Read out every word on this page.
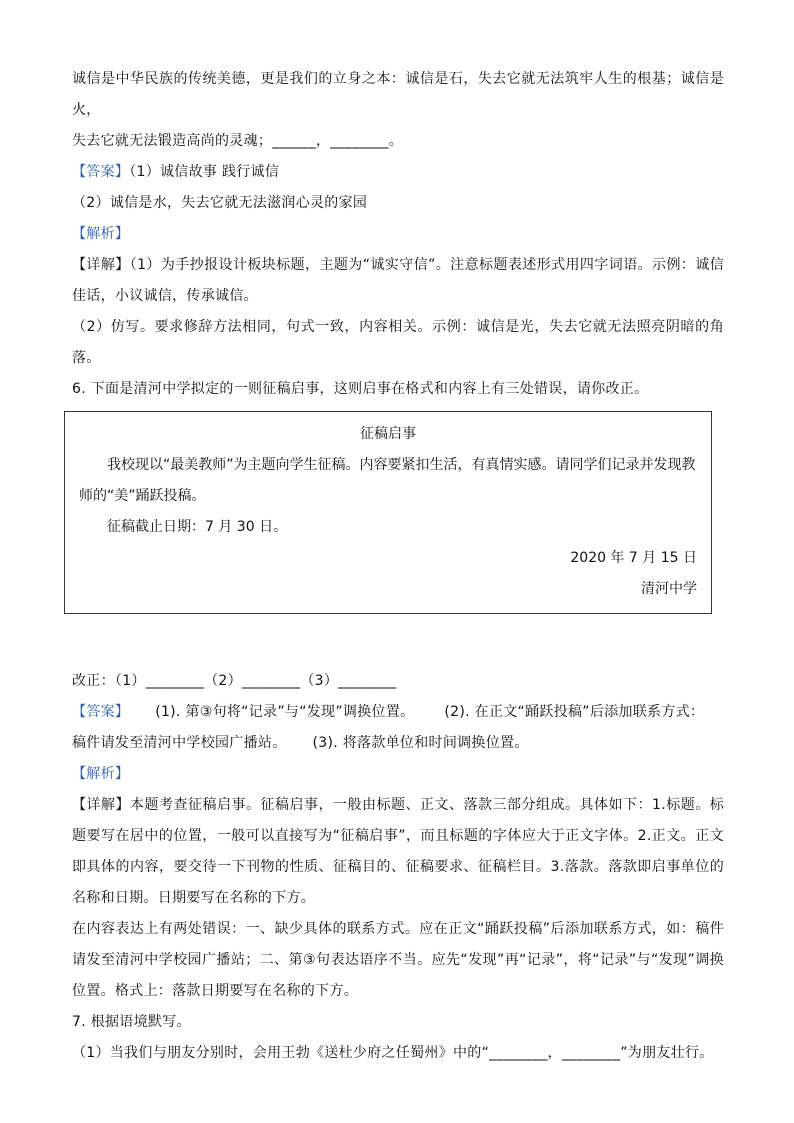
诚信是中华民族的传统美德，更是我们的立身之本：诚信是石，失去它就无法筑牢人生的根基；诚信是火，

失去它就无法锻造高尚的灵魂；______，________。

【答案】（1）诚信故事 践行诚信

（2）诚信是水，失去它就无法滋润心灵的家园

【解析】

【详解】（1）为手抄报设计板块标题，主题为“诚实守信”。注意标题表述形式用四字词语。示例：诚信佳话，小议诚信，传承诚信。

（2）仿写。要求修辞方法相同，句式一致，内容相关。示例：诚信是光，失去它就无法照亮阴暗的角落。

6. 下面是清河中学拟定的一则征稿启事，这则启事在格式和内容上有三处错误，请你改正。

征稿启事
我校现以“最美教师”为主题向学生征稿。内容要紧扣生活，有真情实感。请同学们记录并发现教师的“美”踊跃投稿。
征稿截止日期：7 月 30 日。
2020 年 7 月 15 日
清河中学

改正：（1）________（2）________（3）________

【答案】 (1). 第③句将“记录”与“发现”调换位置。 (2). 在正文“踊跃投稿”后添加联系方式：

稿件请发至清河中学校园广播站。 (3). 将落款单位和时间调换位置。

【解析】

【详解】本题考查征稿启事。征稿启事，一般由标题、正文、落款三部分组成。具体如下：1.标题。标题要写在居中的位置，一般可以直接写为“征稿启事”，而且标题的字体应大于正文字体。2.正文。正文即具体的内容，要交待一下刊物的性质、征稿目的、征稿要求、征稿栏目。3.落款。落款即启事单位的名称和日期。日期要写在名称的下方。

在内容表达上有两处错误：一、缺少具体的联系方式。应在正文“踊跃投稿”后添加联系方式，如：稿件请发至清河中学校园广播站；二、第③句表达语序不当。应先“发现”再“记录”，将“记录”与“发现”调换位置。格式上：落款日期要写在名称的下方。

7. 根据语境默写。

（1）当我们与朋友分别时，会用王勃《送杜少府之任蜀州》中的“________，________”为朋友壮行。
